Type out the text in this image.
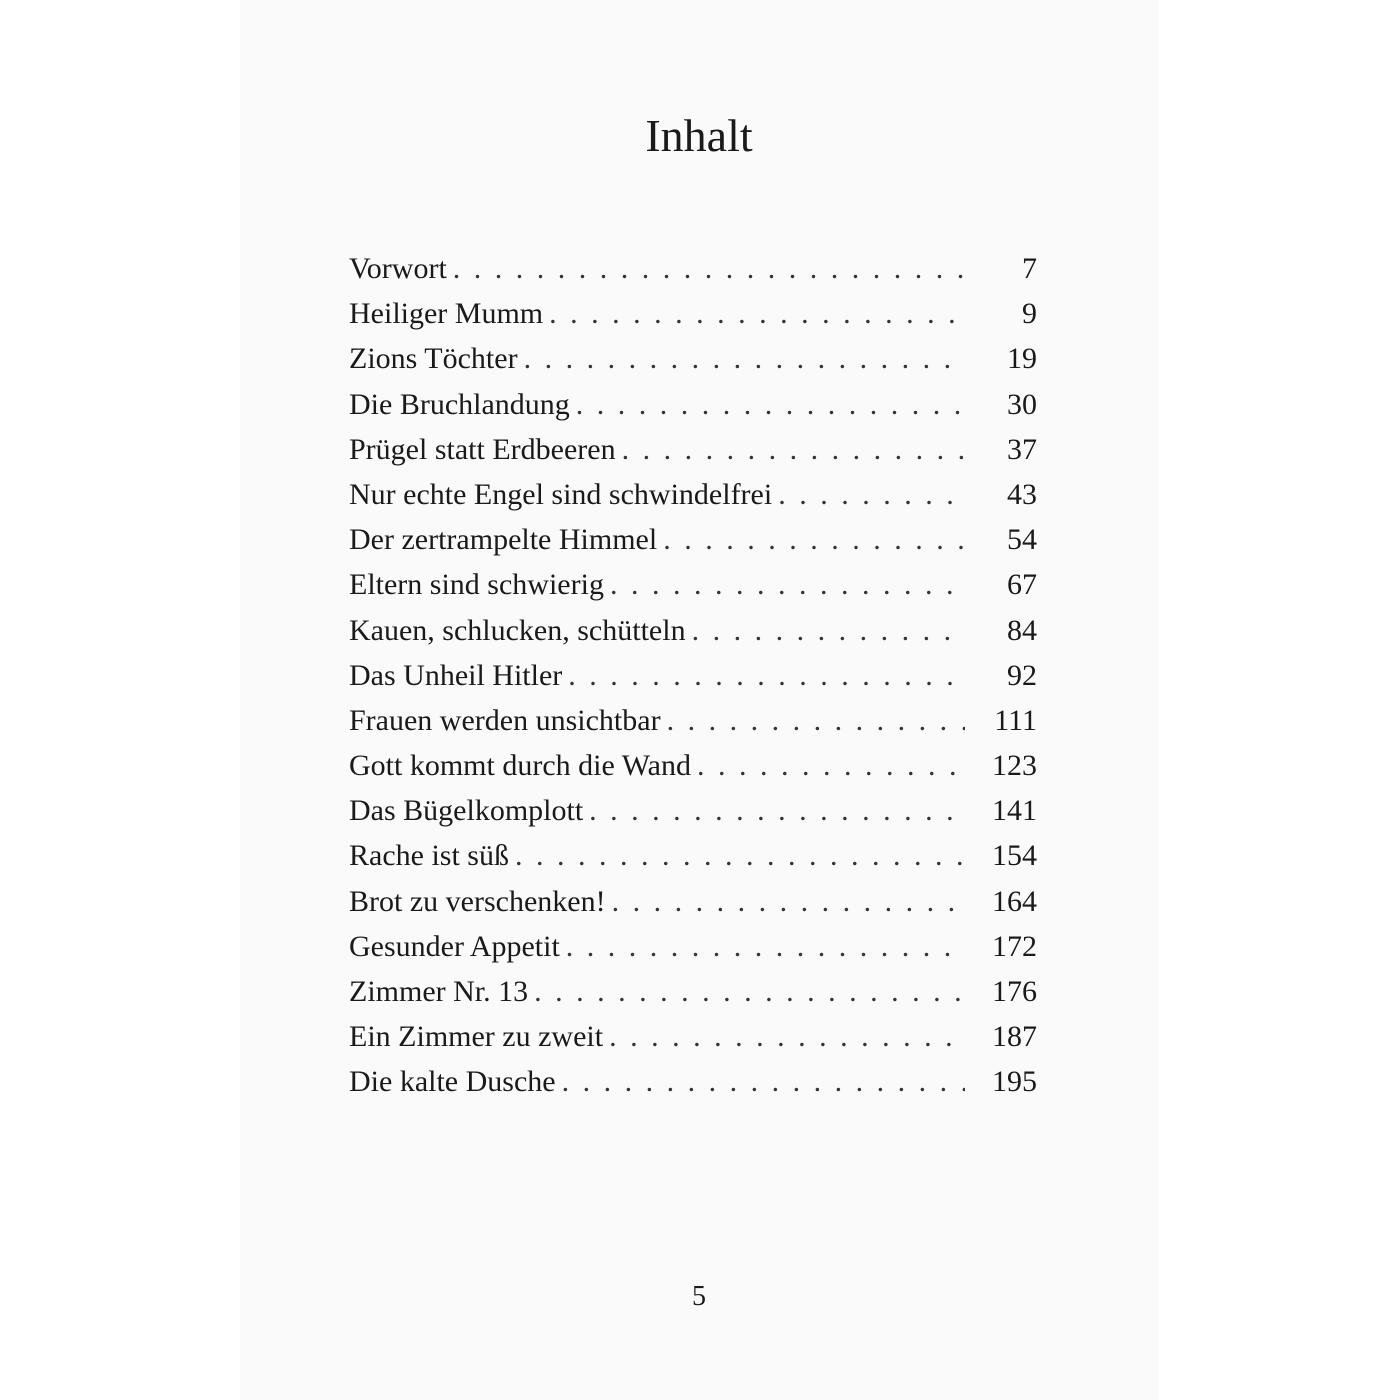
Inhalt
Vorwort . . .	7
Heiliger Mumm . . .	9
Zions Töchter . . .	19
Die Bruchlandung . . .	30
Prügel statt Erdbeeren . . .	37
Nur echte Engel sind schwindelfrei . . .	43
Der zertrampelte Himmel . . .	54
Eltern sind schwierig . . .	67
Kauen, schlucken, schütteln . . .	84
Das Unheil Hitler . . .	92
Frauen werden unsichtbar . . .	111
Gott kommt durch die Wand . . .	123
Das Bügelkomplott . . .	141
Rache ist süß . . .	154
Brot zu verschenken! . . .	164
Gesunder Appetit . . .	172
Zimmer Nr. 13 . . .	176
Ein Zimmer zu zweit . . .	187
Die kalte Dusche . . .	195
5
